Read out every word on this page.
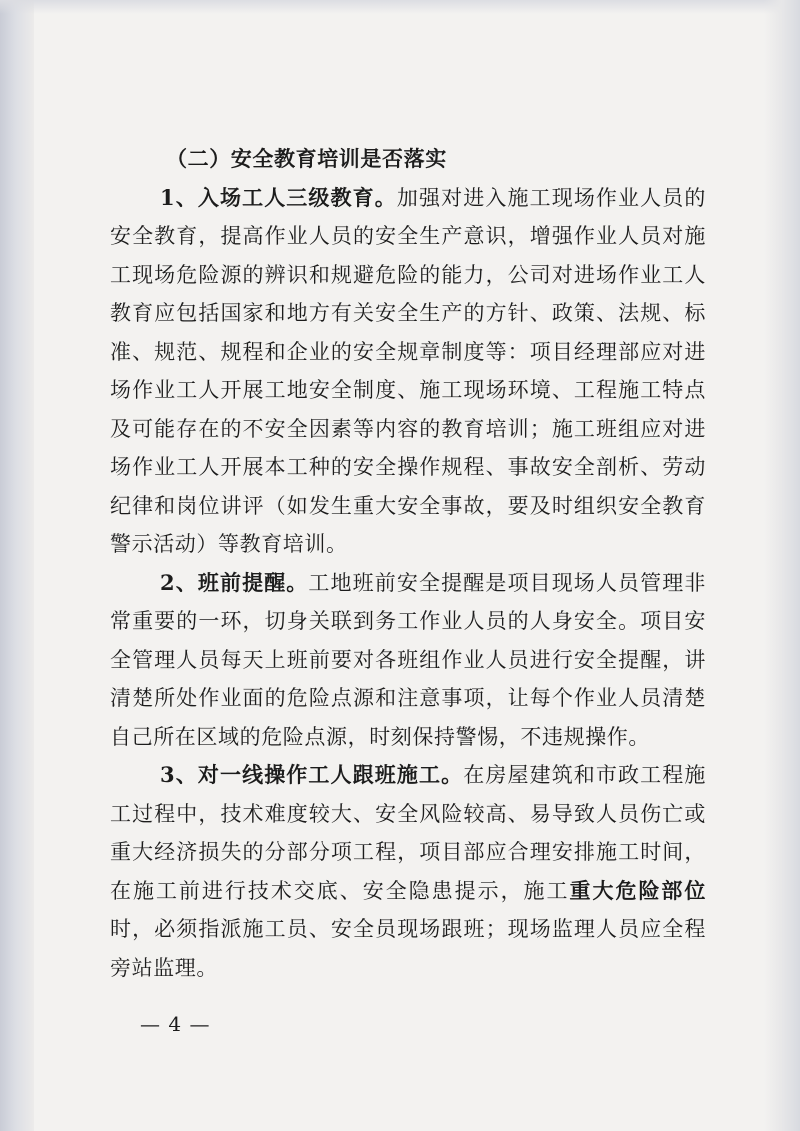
（二）安全教育培训是否落实

1、入场工人三级教育。加强对进入施工现场作业人员的安全教育，提高作业人员的安全生产意识，增强作业人员对施工现场危险源的辨识和规避危险的能力，公司对进场作业工人教育应包括国家和地方有关安全生产的方针、政策、法规、标准、规范、规程和企业的安全规章制度等：项目经理部应对进场作业工人开展工地安全制度、施工现场环境、工程施工特点及可能存在的不安全因素等内容的教育培训；施工班组应对进场作业工人开展本工种的安全操作规程、事故安全剖析、劳动纪律和岗位讲评（如发生重大安全事故，要及时组织安全教育警示活动）等教育培训。

2、班前提醒。工地班前安全提醒是项目现场人员管理非常重要的一环，切身关联到务工作业人员的人身安全。项目安全管理人员每天上班前要对各班组作业人员进行安全提醒，讲清楚所处作业面的危险点源和注意事项，让每个作业人员清楚自己所在区域的危险点源，时刻保持警惕，不违规操作。

3、对一线操作工人跟班施工。在房屋建筑和市政工程施工过程中，技术难度较大、安全风险较高、易导致人员伤亡或重大经济损失的分部分项工程，项目部应合理安排施工时间，在施工前进行技术交底、安全隐患提示，施工重大危险部位时，必须指派施工员、安全员现场跟班；现场监理人员应全程旁站监理。

— 4 —
